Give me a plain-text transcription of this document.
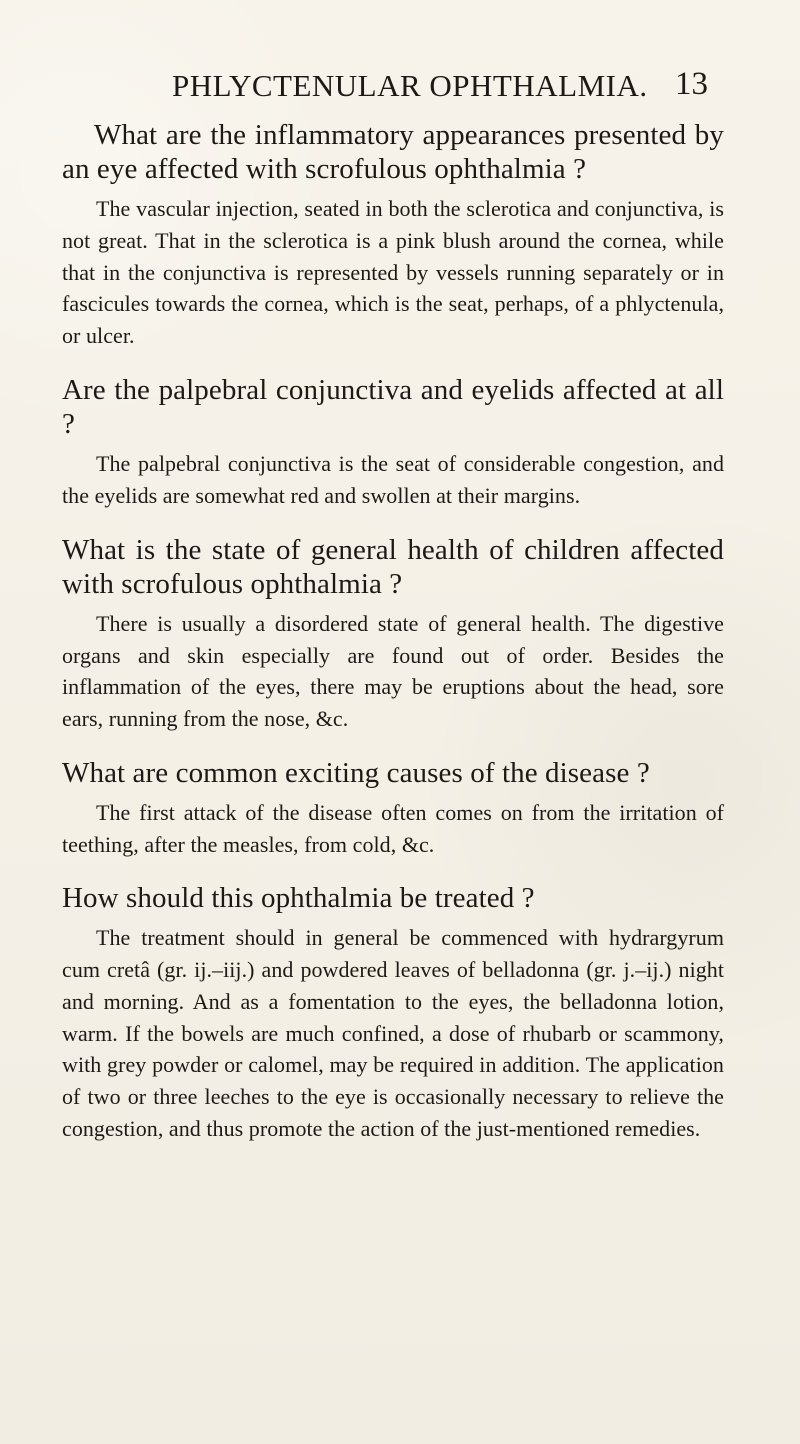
PHLYCTENULAR OPHTHALMIA. 13
What are the inflammatory appearances presented by an eye affected with scrofulous ophthalmia ?

The vascular injection, seated in both the sclerotica and conjunctiva, is not great. That in the sclerotica is a pink blush around the cornea, while that in the conjunctiva is represented by vessels running separately or in fascicules towards the cornea, which is the seat, perhaps, of a phlyctenula, or ulcer.

Are the palpebral conjunctiva and eyelids affected at all ?

The palpebral conjunctiva is the seat of considerable congestion, and the eyelids are somewhat red and swollen at their margins.

What is the state of general health of children affected with scrofulous ophthalmia ?

There is usually a disordered state of general health. The digestive organs and skin especially are found out of order. Besides the inflammation of the eyes, there may be eruptions about the head, sore ears, running from the nose, &c.

What are common exciting causes of the disease ?

The first attack of the disease often comes on from the irritation of teething, after the measles, from cold, &c.

How should this ophthalmia be treated ?

The treatment should in general be commenced with hydrargyrum cum cretâ (gr. ij.–iij.) and powdered leaves of belladonna (gr. j.–ij.) night and morning. And as a fomentation to the eyes, the belladonna lotion, warm. If the bowels are much confined, a dose of rhubarb or scammony, with grey powder or calomel, may be required in addition. The application of two or three leeches to the eye is occasionally necessary to relieve the congestion, and thus promote the action of the just-mentioned remedies.
